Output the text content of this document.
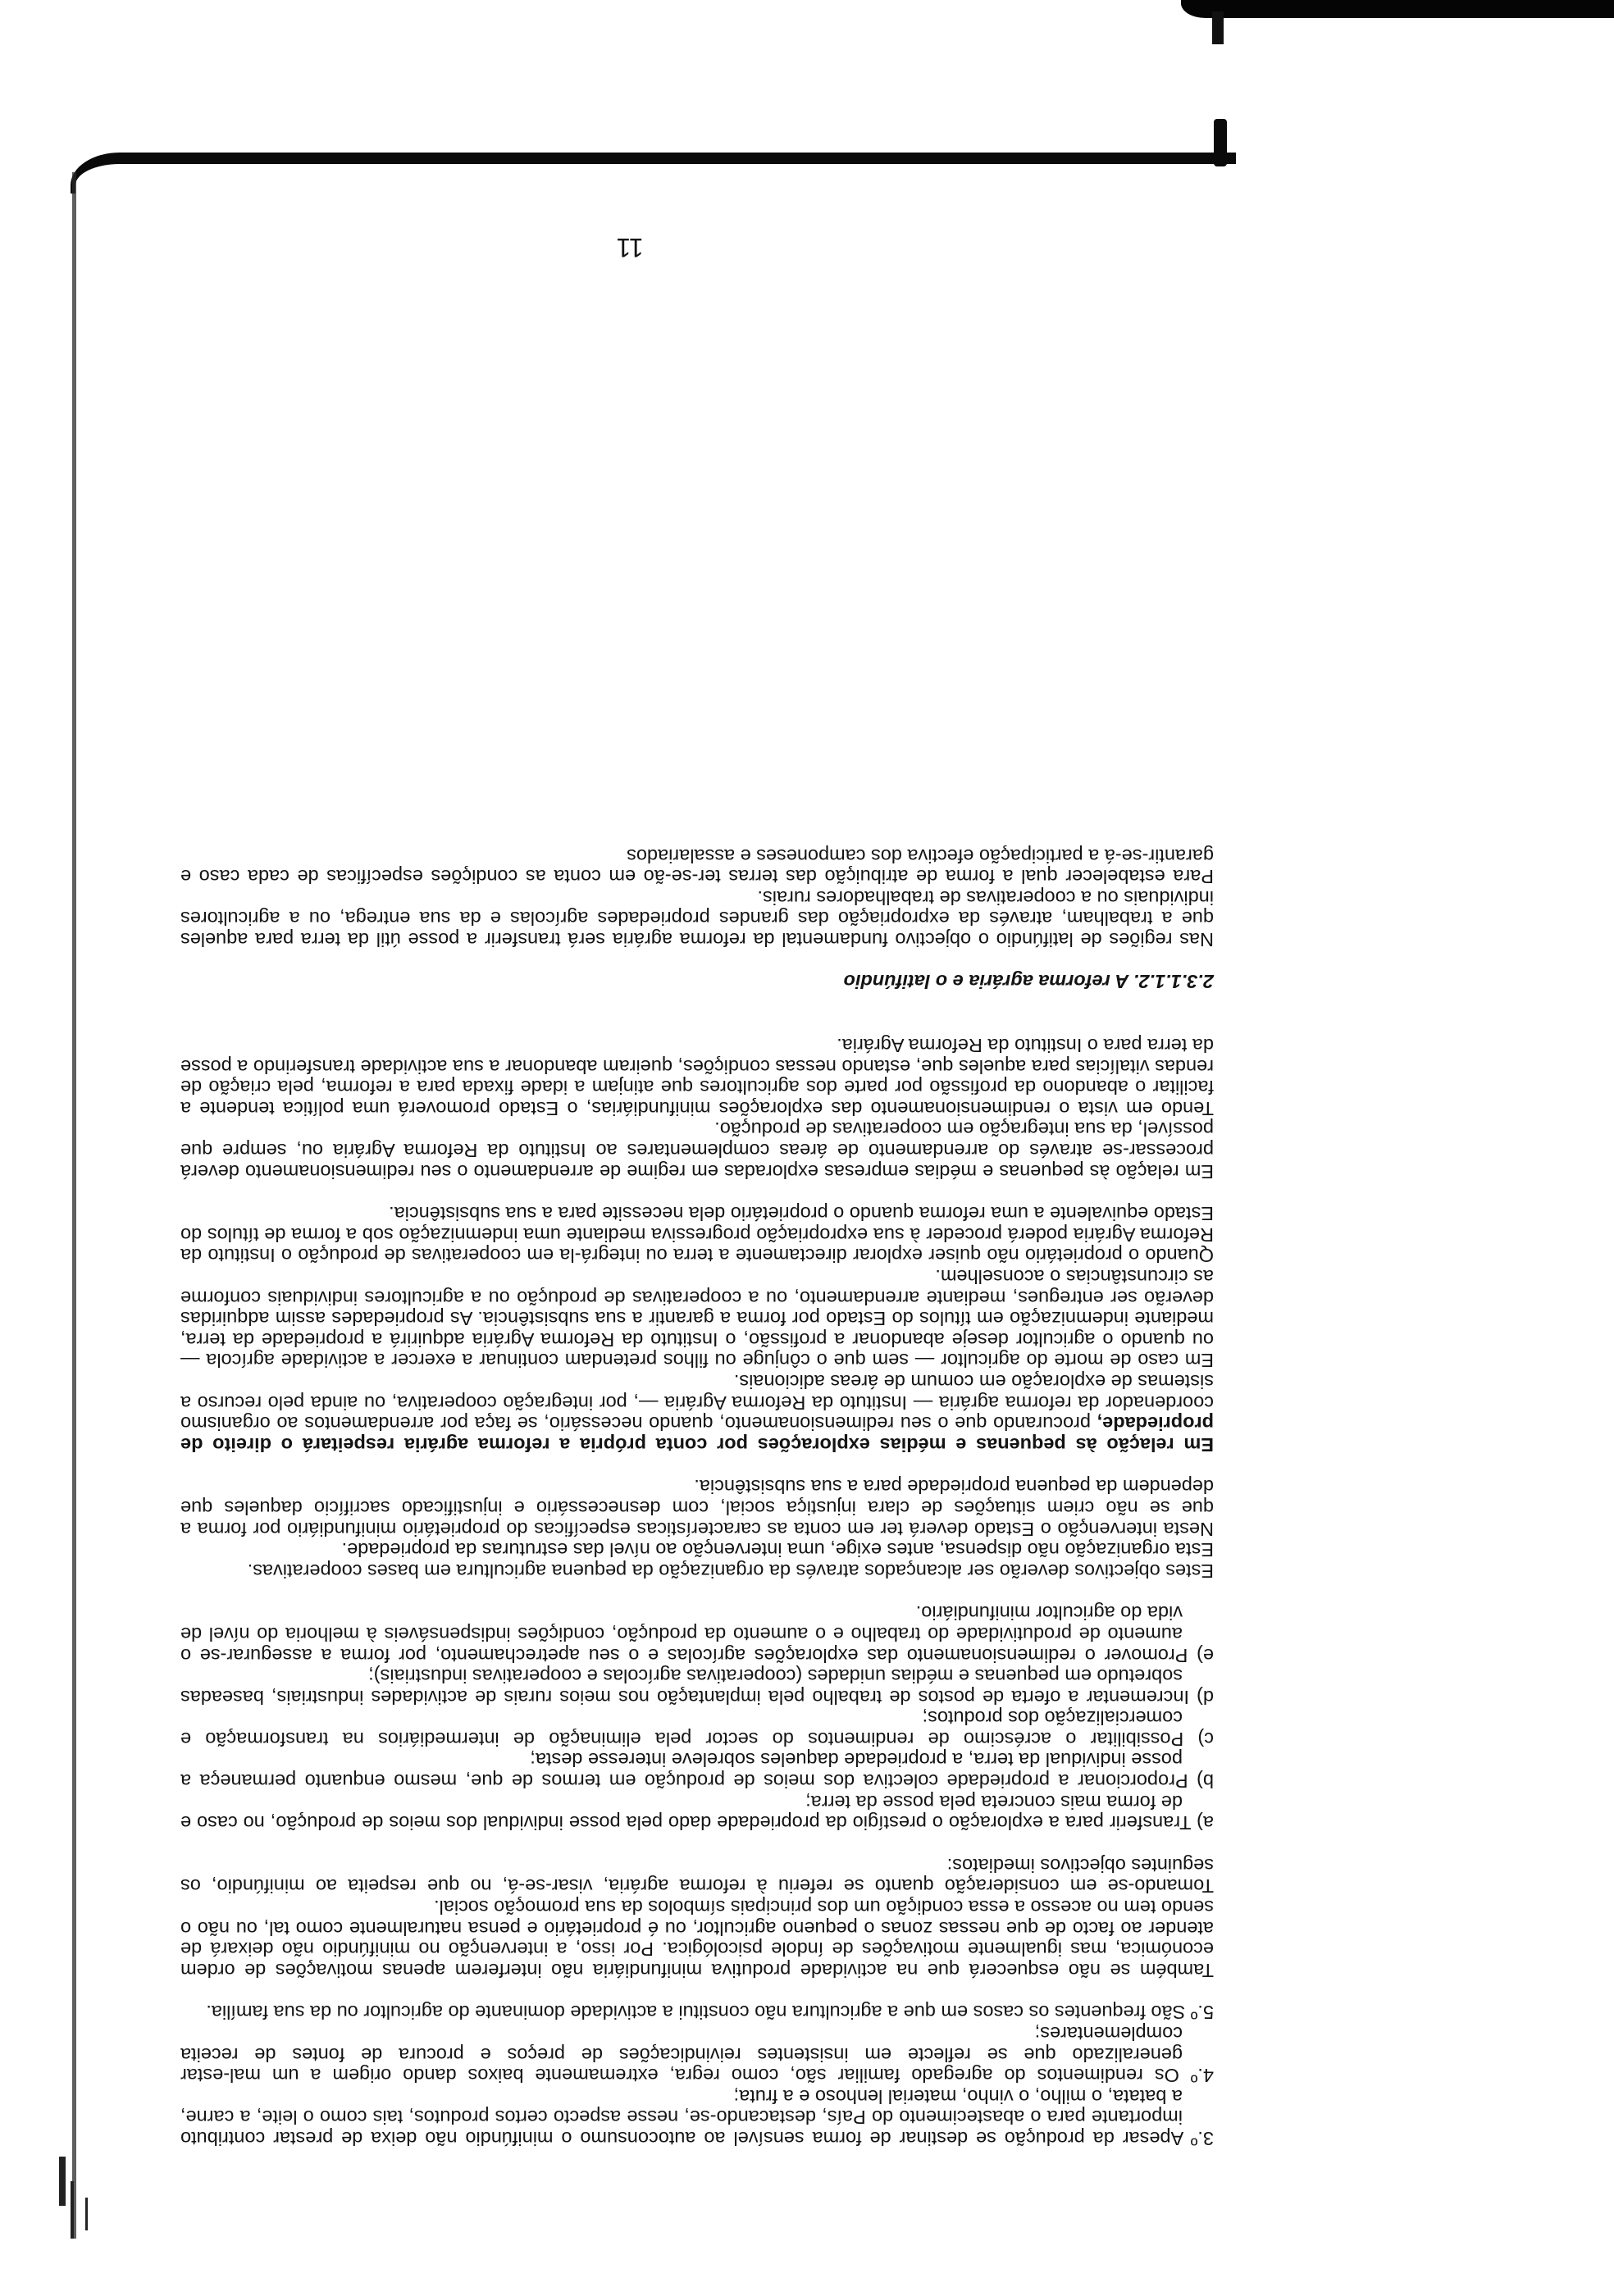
3.º Apesar da produção se destinar de forma sensível ao autoconsumo o minifúndio não deixa de prestar contributo importante para o abastecimento do País, destacando-se, nesse aspecto certos produtos, tais como o leite, a carne, a batata, o milho, o vinho, material lenhoso e a fruta;

4.º Os rendimentos do agregado familiar são, como regra, extremamente baixos dando origem a um mal-estar generalizado que se reflecte em insistentes reivindicações de preços e procura de fontes de receita complementares;

5.º São frequentes os casos em que a agricultura não constitui a actividade dominante do agricultor ou da sua família.

Também se não esquecerá que na actividade produtiva minifundiária não interferem apenas motivações de ordem económica, mas igualmente motivações de índole psicológica. Por isso, a intervenção no minifúndio não deixará de atender ao facto de que nessas zonas o pequeno agricultor, ou é proprietário e pensa naturalmente como tal, ou não o sendo tem no acesso a essa condição um dos principais símbolos da sua promoção social.

Tomando-se em consideração quanto se referiu à reforma agrária, visar-se-á, no que respeita ao minifúndio, os seguintes objectivos imediatos:

a) Transferir para a exploração o prestígio da propriedade dado pela posse individual dos meios de produção, no caso e de forma mais concreta pela posse da terra;

b) Proporcionar a propriedade colectiva dos meios de produção em termos de que, mesmo enquanto permaneça a posse individual da terra, a propriedade daqueles sobreleve interesse desta;

c) Possibilitar o acréscimo de rendimentos do sector pela eliminação de intermediários na transformação e comercialização dos produtos;

d) Incrementar a oferta de postos de trabalho pela implantação nos meios rurais de actividades industriais, baseadas sobretudo em pequenas e médias unidades (cooperativas agrícolas e cooperativas industriais);

e) Promover o redimensionamento das explorações agrícolas e o seu apetrechamento, por forma a assegurar-se o aumento de produtividade do trabalho e o aumento da produção, condições indispensáveis à melhoria do nível de vida do agricultor minifundiário.

Estes objectivos deverão ser alcançados através da organização da pequena agricultura em bases cooperativas.

Esta organização não dispensa, antes exige, uma intervenção ao nível das estruturas da propriedade.

Nesta intervenção o Estado deverá ter em conta as características específicas do proprietário minifundiário por forma a que se não criem situações de clara injustiça social, com desnecessário e injustificado sacrifício daqueles que dependem da pequena propriedade para a sua subsistência.

Em relação às pequenas e médias explorações por conta própria a reforma agrária respeitará o direito de propriedade, procurando que o seu redimensionamento, quando necessário, se faça por arrendamentos ao organismo coordenador da reforma agrária — Instituto da Reforma Agrária —, por integração cooperativa, ou ainda pelo recurso a sistemas de exploração em comum de áreas adicionais.

Em caso de morte do agricultor — sem que o cônjuge ou filhos pretendam continuar a exercer a actividade agrícola — ou quando o agricultor deseje abandonar a profissão, o Instituto da Reforma Agrária adquirirá a propriedade da terra, mediante indemnização em títulos do Estado por forma a garantir a sua subsistência. As propriedades assim adquiridas deverão ser entregues, mediante arrendamento, ou a cooperativas de produção ou a agricultores individuais conforme as circunstâncias o aconselhem.

Quando o proprietário não quiser explorar directamente a terra ou integrá-la em cooperativas de produção o Instituto da Reforma Agrária poderá proceder à sua expropriação progressiva mediante uma indemnização sob a forma de títulos do Estado equivalente a uma reforma quando o proprietário dela necessite para a sua subsistência.

Em relação às pequenas e médias empresas exploradas em regime de arrendamento o seu redimensionamento deverá processar-se através do arrendamento de áreas complementares ao Instituto da Reforma Agrária ou, sempre que possível, da sua integração em cooperativas de produção.

Tendo em vista o rendimensionamento das explorações minifundiárias, o Estado promoverá uma política tendente a facilitar o abandono da profissão por parte dos agricultores que atinjam a idade fixada para a reforma, pela criação de rendas vitalícias para aqueles que, estando nessas condições, queiram abandonar a sua actividade transferindo a posse da terra para o Instituto da Reforma Agrária.

2.3.1.1.2. A reforma agrária e o latifúndio

Nas regiões de latifúndio o objectivo fundamental da reforma agrária será transferir a posse útil da terra para aqueles que a trabalham, através da expropriação das grandes propriedades agrícolas e da sua entrega, ou a agricultores individuais ou a cooperativas de trabalhadores rurais.

Para estabelecer qual a forma de atribuição das terras ter-se-ão em conta as condições específicas de cada caso e garantir-se-á a participação efectiva dos camponeses e assalariados

11
